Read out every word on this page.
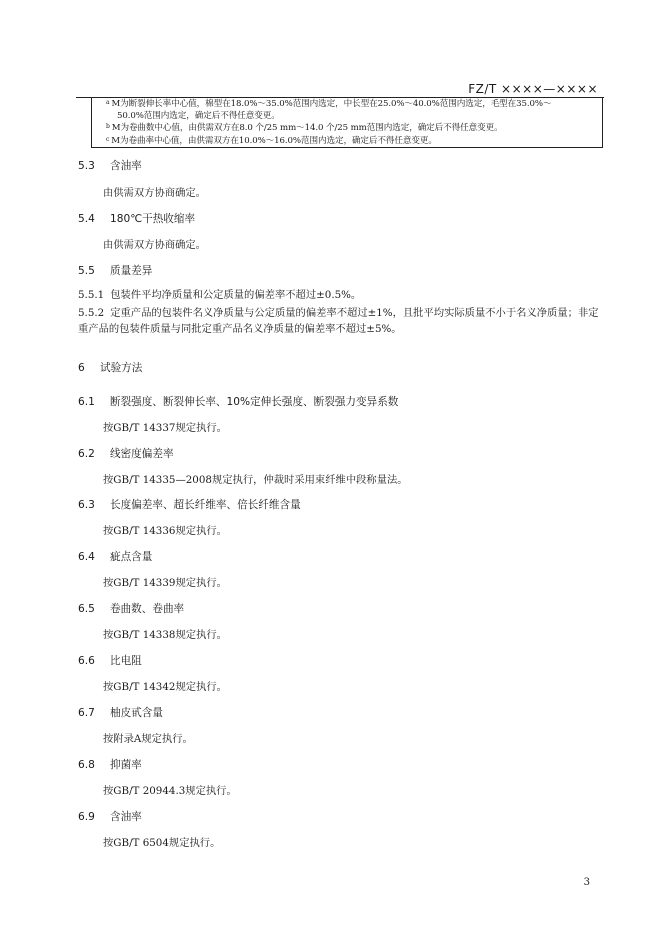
FZ/T ××××—××××
$^a$ M为断裂伸长率中心值，棉型在18.0%～35.0%范围内选定，中长型在25.0%～40.0%范围内选定，毛型在35.0%～
50.0%范围内选定，确定后不得任意变更。
$^b$ M为卷曲数中心值，由供需双方在8.0 个/25 mm～14.0 个/25 mm范围内选定，确定后不得任意变更。
$^c$ M为卷曲率中心值，由供需双方在10.0%～16.0%范围内选定，确定后不得任意变更。
5.3 含油率
由供需双方协商确定。
5.4 180℃干热收缩率
由供需双方协商确定。
5.5 质量差异
5.5.1 包装件平均净质量和公定质量的偏差率不超过±0.5%。
5.5.2 定重产品的包装件名义净质量与公定质量的偏差率不超过±1%，且批平均实际质量不小于名义净质量；非定重产品的包装件质量与同批定重产品名义净质量的偏差率不超过±5%。
6 试验方法
6.1 断裂强度、断裂伸长率、10%定伸长强度、断裂强力变异系数
按GB/T 14337规定执行。
6.2 线密度偏差率
按GB/T 14335—2008规定执行，仲裁时采用束纤维中段称量法。
6.3 长度偏差率、超长纤维率、倍长纤维含量
按GB/T 14336规定执行。
6.4 疵点含量
按GB/T 14339规定执行。
6.5 卷曲数、卷曲率
按GB/T 14338规定执行。
6.6 比电阻
按GB/T 14342规定执行。
6.7 柚皮甙含量
按附录A规定执行。
6.8 抑菌率
按GB/T 20944.3规定执行。
6.9 含油率
按GB/T 6504规定执行。
3
